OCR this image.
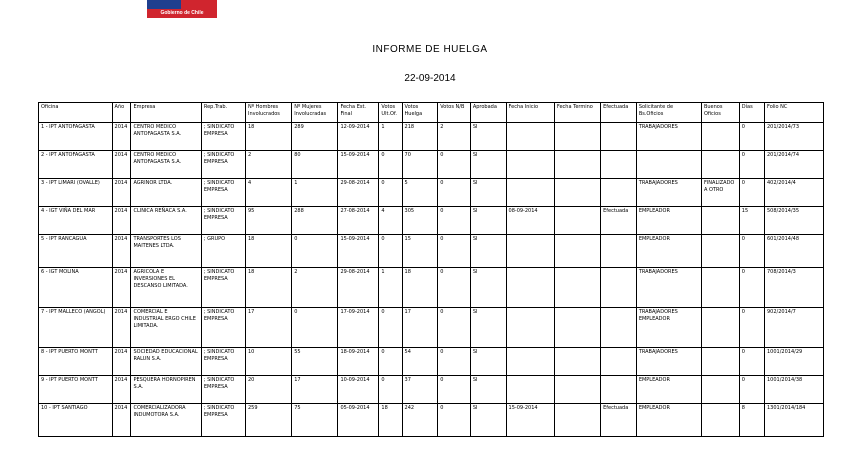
Gobierno de Chile
INFORME DE HUELGA
22-09-2014
Oficina	Año	Empresa	Rep.Trab.	Nº Hombres Involucrados	Nº Mujeres Involucradas	Fecha Est. Final	Votos Ult.Of.	Votos Huelga	Votos N/B	Aprobada	Fecha Inicio	Fecha Termino	Efectuada	Solicitante de Bs.Oficios	Buenos Oficios	Días	Folio NC
1 - IPT ANTOFAGASTA	2014	CENTRO MEDICO ANTOFAGASTA S.A.	; SINDICATO EMPRESA	18	289	12-09-2014	1	218	2	SI				TRABAJADORES		0	201/2014/73
2 - IPT ANTOFAGASTA	2014	CENTRO MEDICO ANTOFAGASTA S.A.	; SINDICATO EMPRESA	2	80	15-09-2014	0	70	0	SI						0	201/2014/74
3 - IPT LIMARI (OVALLE)	2014	AGRINOR LTDA.	; SINDICATO EMPRESA	4	1	29-08-2014	0	5	0	SI				TRABAJADORES	FINALIZADO A OTRO	0	402/2014/4
4 - IGT VIÑA DEL MAR	2014	CLINICA REÑACA S.A.	; SINDICATO EMPRESA	95	288	27-08-2014	4	305	0	SI	08-09-2014		Efectuada	EMPLEADOR		15	508/2014/35
5 - IPT RANCAGUA	2014	TRANSPORTES LOS MAITENES LTDA.	; GRUPO	18	0	15-09-2014	0	15	0	SI				EMPLEADOR		0	601/2014/48
6 - IGT MOLINA	2014	AGRICOLA E INVERSIONES EL DESCANSO LIMITADA.	; SINDICATO EMPRESA	18	2	29-08-2014	1	18	0	SI				TRABAJADORES		0	708/2014/3
7 - IPT MALLECO (ANGOL)	2014	COMERCIAL E INDUSTRIAL ERGO CHILE LIMITADA.	; SINDICATO EMPRESA	17	0	17-09-2014	0	17	0	SI				TRABAJADORES EMPLEADOR		0	902/2014/7
8 - IPT PUERTO MONTT	2014	SOCIEDAD EDUCACIONAL RALUN S.A.	; SINDICATO EMPRESA	10	55	18-09-2014	0	54	0	SI				TRABAJADORES		0	1001/2014/29
9 - IPT PUERTO MONTT	2014	PESQUERA HORNOPIREN S.A.	; SINDICATO EMPRESA	20	17	10-09-2014	0	37	0	SI				EMPLEADOR		0	1001/2014/38
10 - IPT SANTIAGO	2014	COMERCIALIZADORA INDUMOTORA S.A.	; SINDICATO EMPRESA	259	75	05-09-2014	18	242	0	SI	15-09-2014		Efectuada	EMPLEADOR		8	1301/2014/184
